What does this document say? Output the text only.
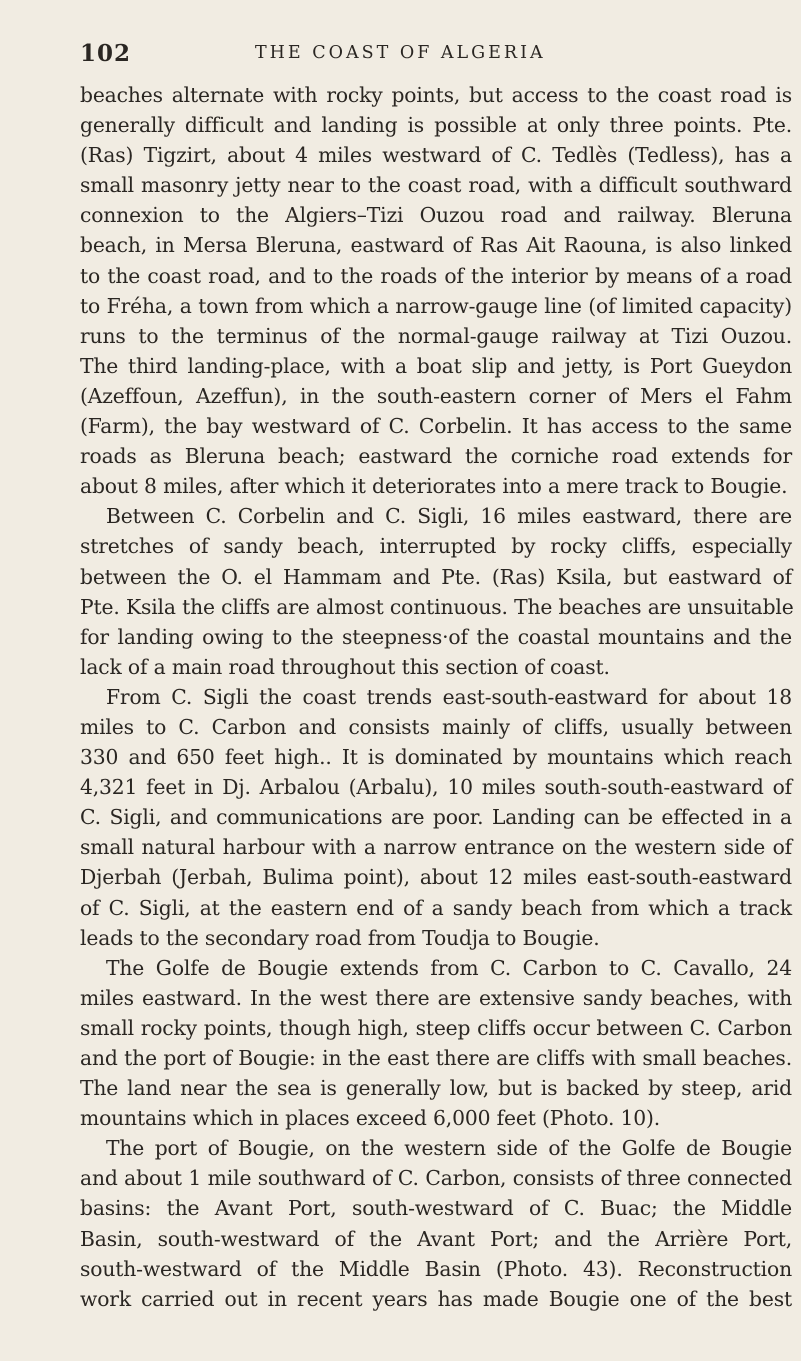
102	THE COAST OF ALGERIA
beaches alternate with rocky points, but access to the coast road is
generally difficult and landing is possible at only three points. Pte.
(Ras) Tigzirt, about 4 miles westward of C. Tedlès (Tedless), has a
small masonry jetty near to the coast road, with a difficult southward
connexion to the Algiers–Tizi Ouzou road and railway. Bleruna
beach, in Mersa Bleruna, eastward of Ras Ait Raouna, is also linked
to the coast road, and to the roads of the interior by means of a road
to Fréha, a town from which a narrow-gauge line (of limited capacity)
runs to the terminus of the normal-gauge railway at Tizi Ouzou.
The third landing-place, with a boat slip and jetty, is Port Gueydon
(Azeffoun, Azeffun), in the south-eastern corner of Mers el Fahm
(Farm), the bay westward of C. Corbelin. It has access to the same
roads as Bleruna beach; eastward the corniche road extends for
about 8 miles, after which it deteriorates into a mere track to Bougie.
Between C. Corbelin and C. Sigli, 16 miles eastward, there are
stretches of sandy beach, interrupted by rocky cliffs, especially
between the O. el Hammam and Pte. (Ras) Ksila, but eastward of
Pte. Ksila the cliffs are almost continuous. The beaches are unsuitable
for landing owing to the steepness·of the coastal mountains and the
lack of a main road throughout this section of coast.
From C. Sigli the coast trends east-south-eastward for about 18
miles to C. Carbon and consists mainly of cliffs, usually between
330 and 650 feet high.. It is dominated by mountains which reach
4,321 feet in Dj. Arbalou (Arbalu), 10 miles south-south-eastward of
C. Sigli, and communications are poor. Landing can be effected in a
small natural harbour with a narrow entrance on the western side of
Djerbah (Jerbah, Bulima point), about 12 miles east-south-eastward
of C. Sigli, at the eastern end of a sandy beach from which a track
leads to the secondary road from Toudja to Bougie.
The Golfe de Bougie extends from C. Carbon to C. Cavallo, 24
miles eastward. In the west there are extensive sandy beaches, with
small rocky points, though high, steep cliffs occur between C. Carbon
and the port of Bougie: in the east there are cliffs with small beaches.
The land near the sea is generally low, but is backed by steep, arid
mountains which in places exceed 6,000 feet (Photo. 10).
The port of Bougie, on the western side of the Golfe de Bougie
and about 1 mile southward of C. Carbon, consists of three connected
basins: the Avant Port, south-westward of C. Buac; the Middle
Basin, south-westward of the Avant Port; and the Arrière Port,
south-westward of the Middle Basin (Photo. 43). Reconstruction
work carried out in recent years has made Bougie one of the best
